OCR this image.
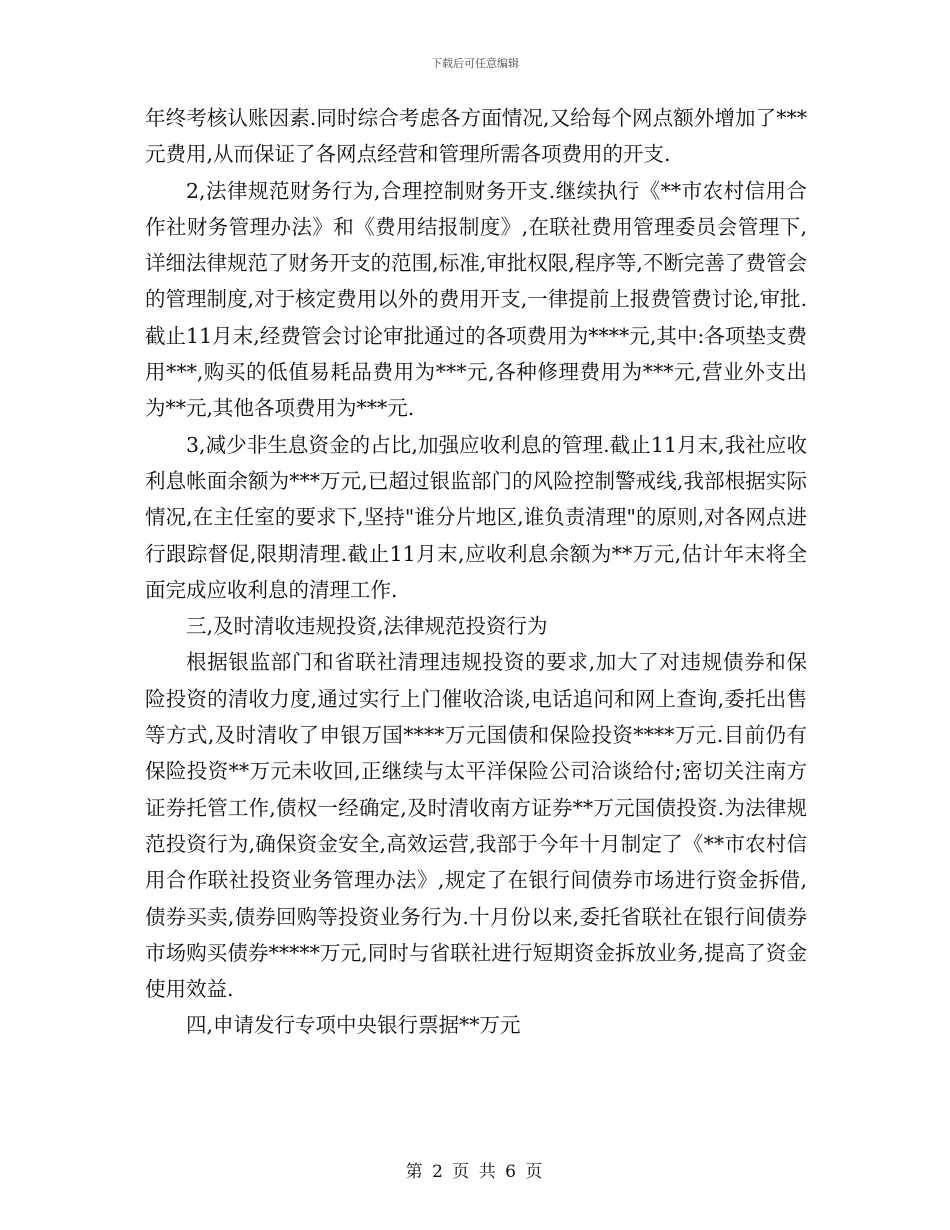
下载后可任意编辑

年终考核认账因素.同时综合考虑各方面情况,又给每个网点额外增加了***元费用,从而保证了各网点经营和管理所需各项费用的开支.

2,法律规范财务行为,合理控制财务开支.继续执行《**市农村信用合作社财务管理办法》和《费用结报制度》,在联社费用管理委员会管理下,详细法律规范了财务开支的范围,标准,审批权限,程序等,不断完善了费管会的管理制度,对于核定费用以外的费用开支,一律提前上报费管费讨论,审批.截止11月末,经费管会讨论审批通过的各项费用为****元,其中:各项垫支费用***,购买的低值易耗品费用为***元,各种修理费用为***元,营业外支出为**元,其他各项费用为***元.

3,减少非生息资金的占比,加强应收利息的管理.截止11月末,我社应收利息帐面余额为***万元,已超过银监部门的风险控制警戒线,我部根据实际情况,在主任室的要求下,坚持"谁分片地区,谁负责清理"的原则,对各网点进行跟踪督促,限期清理.截止11月末,应收利息余额为**万元,估计年末将全面完成应收利息的清理工作.

三,及时清收违规投资,法律规范投资行为

根据银监部门和省联社清理违规投资的要求,加大了对违规债券和保险投资的清收力度,通过实行上门催收洽谈,电话追问和网上查询,委托出售等方式,及时清收了申银万国****万元国债和保险投资****万元.目前仍有保险投资**万元未收回,正继续与太平洋保险公司洽谈给付;密切关注南方证券托管工作,债权一经确定,及时清收南方证券**万元国债投资.为法律规范投资行为,确保资金安全,高效运营,我部于今年十月制定了《**市农村信用合作联社投资业务管理办法》,规定了在银行间债券市场进行资金拆借,债券买卖,债券回购等投资业务行为.十月份以来,委托省联社在银行间债券市场购买债券*****万元,同时与省联社进行短期资金拆放业务,提高了资金使用效益.

四,申请发行专项中央银行票据**万元

第 2 页 共 6 页
